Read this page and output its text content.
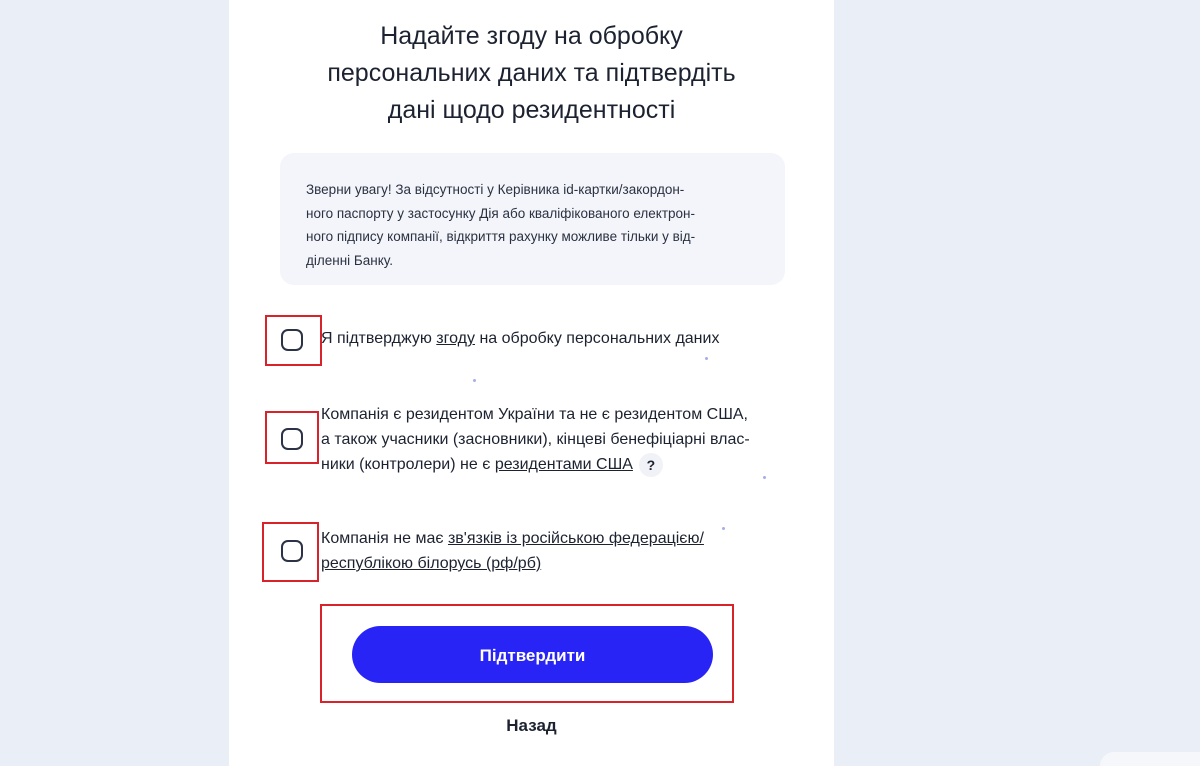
Надайте згоду на обробку
персональних даних та підтвердіть
дані щодо резидентності
Зверни увагу! За відсутності у Керівника id-картки/закордон-
ного паспорту у застосунку Дія або кваліфікованого електрон-
ного підпису компанії, відкриття рахунку можливе тільки у від-
діленні Банку.
Я підтверджую згоду на обробку персональних даних
Компанія є резидентом України та не є резидентом США,
а також учасники (засновники), кінцеві бенефіціарні влас-
ники (контролери) не є резидентами США ?
Компанія не має зв'язків із російською федерацією/
республікою білорусь (рф/рб)
Підтвердити
Назад
